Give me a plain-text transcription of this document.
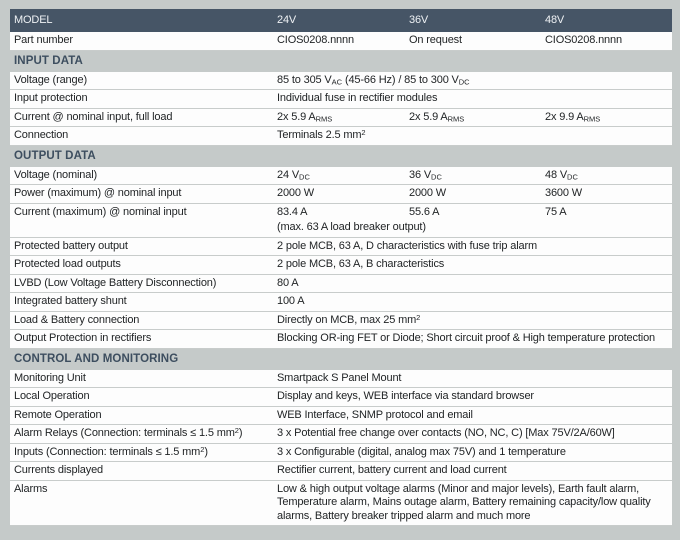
MODEL	24V	36V	48V
Part number	CIOS0208.nnnn	On request	CIOS0208.nnnn
INPUT DATA
Voltage (range)	85 to 305 $V_{AC}$ (45-66 Hz) / 85 to 300 $V_{DC}$
Input protection	Individual fuse in rectifier modules
Current @ nominal input, full load	2x 5.9 $A_{RMS}$	2x 5.9 $A_{RMS}$	2x 9.9 $A_{RMS}$
Connection	Terminals 2.5 $mm^2$
OUTPUT DATA
Voltage (nominal)	24 $V_{DC}$	36 $V_{DC}$	48 $V_{DC}$
Power (maximum) @ nominal input	2000 W	2000 W	3600 W
Current (maximum) @ nominal input	83.4 A	55.6 A	75 A
(max. 63 A load breaker output)
Protected battery output	2 pole MCB, 63 A, D characteristics with fuse trip alarm
Protected load outputs	2 pole MCB, 63 A, B characteristics
LVBD (Low Voltage Battery Disconnection)	80 A
Integrated battery shunt	100 A
Load & Battery connection	Directly on MCB, max 25 $mm^2$
Output Protection in rectifiers	Blocking OR-ing FET or Diode; Short circuit proof & High temperature protection
CONTROL AND MONITORING
Monitoring Unit	Smartpack S Panel Mount
Local Operation	Display and keys, WEB interface via standard browser
Remote Operation	WEB Interface, SNMP protocol and email
Alarm Relays (Connection: terminals ≤ 1.5 $mm^2$)	3 x Potential free change over contacts (NO, NC, C) [Max 75V/2A/60W]
Inputs (Connection: terminals ≤ 1.5 $mm^2$)	3 x Configurable (digital, analog max 75V) and 1 temperature
Currents displayed	Rectifier current, battery current and load current
Alarms	Low & high output voltage alarms (Minor and major levels), Earth fault alarm, Temperature alarm, Mains outage alarm, Battery remaining capacity/low quality alarms, Battery breaker tripped alarm and much more
